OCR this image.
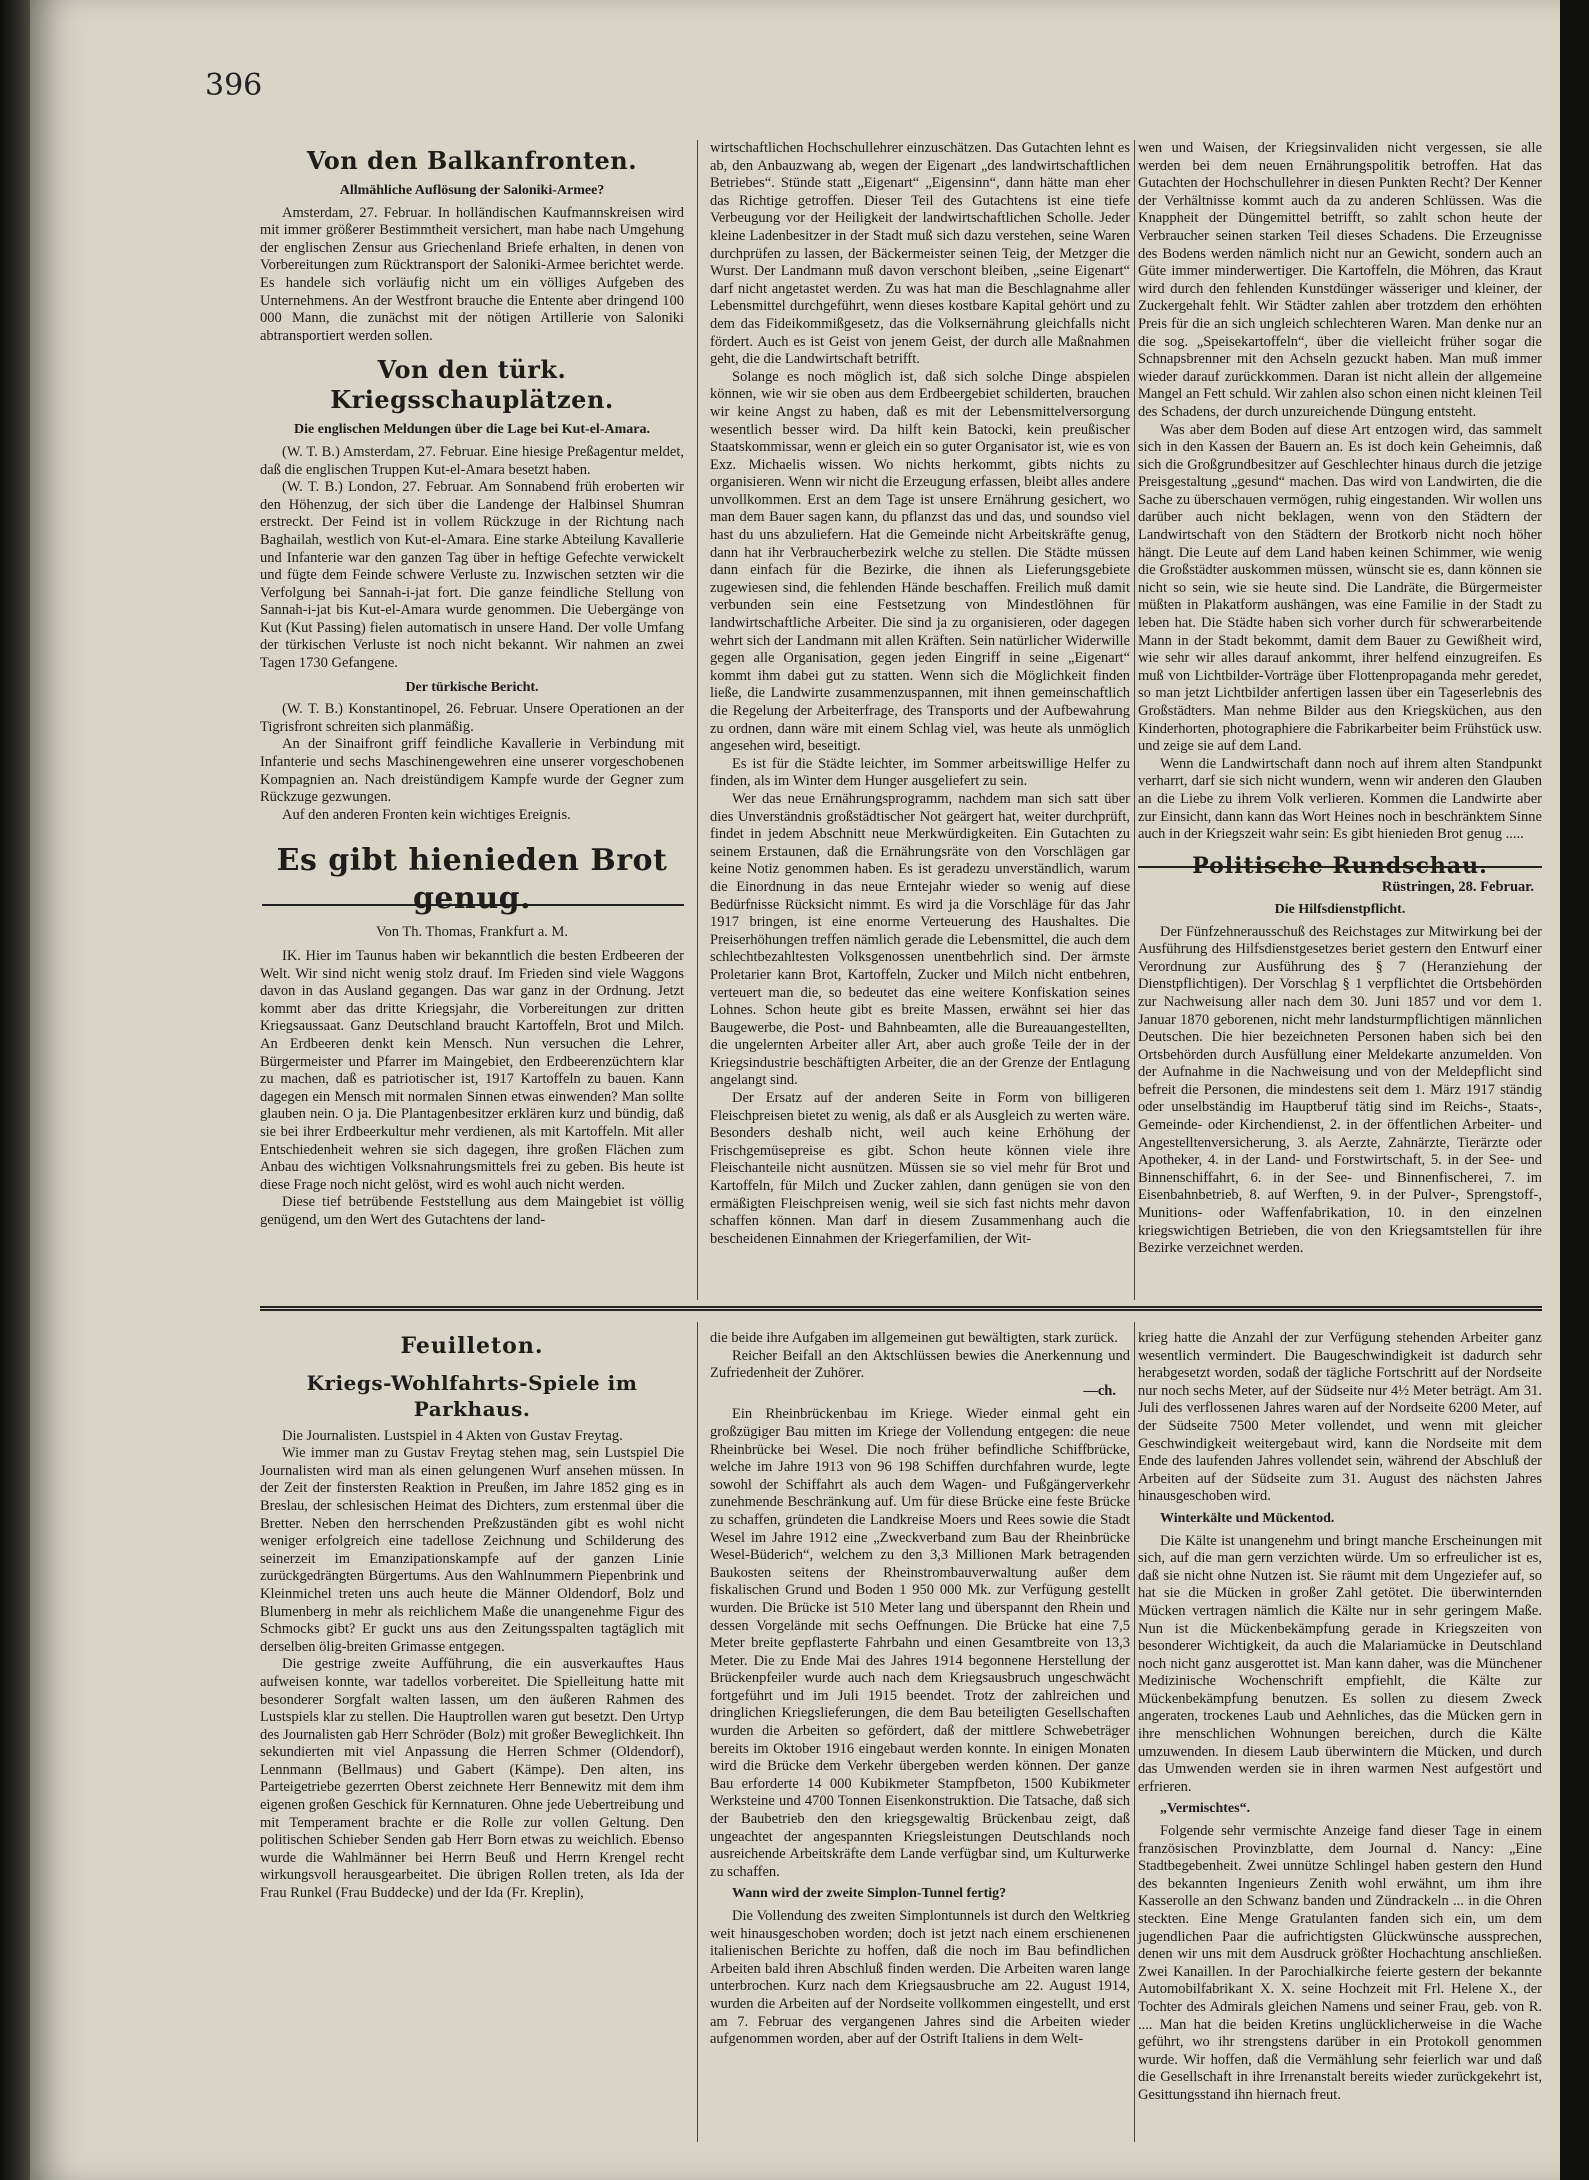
396
Von den Balkanfronten.
Allmähliche Auflösung der Saloniki-Armee?

Amsterdam, 27. Februar. In holländischen Kaufmannskreisen wird mit immer größerer Bestimmtheit versichert, man habe nach Umgehung der englischen Zensur aus Griechenland Briefe erhalten, in denen von Vorbereitungen zum Rücktransport der Saloniki-Armee berichtet werde. Es handele sich vorläufig nicht um ein völliges Aufgeben des Unternehmens. An der Westfront brauche die Entente aber dringend 100 000 Mann, die zunächst mit der nötigen Artillerie von Saloniki abtransportiert werden sollen.

Von den türk. Kriegsschauplätzen.
Die englischen Meldungen über die Lage bei Kut-el-Amara.

(W. T. B.) Amsterdam, 27. Februar. Eine hiesige Preßagentur meldet, daß die englischen Truppen Kut-el-Amara besetzt haben.

(W. T. B.) London, 27. Februar. Am Sonnabend früh eroberten wir den Höhenzug, der sich über die Landenge der Halbinsel Shumran erstreckt. Der Feind ist in vollem Rückzuge in der Richtung nach Baghailah, westlich von Kut-el-Amara. Eine starke Abteilung Kavallerie und Infanterie war den ganzen Tag über in heftige Gefechte verwickelt und fügte dem Feinde schwere Verluste zu. Inzwischen setzten wir die Verfolgung bei Sannah-i-jat fort. Die ganze feindliche Stellung von Sannah-i-jat bis Kut-el-Amara wurde genommen. Die Uebergänge von Kut (Kut Passing) fielen automatisch in unsere Hand. Der volle Umfang der türkischen Verluste ist noch nicht bekannt. Wir nahmen an zwei Tagen 1730 Gefangene.

Der türkische Bericht.

(W. T. B.) Konstantinopel, 26. Februar. Unsere Operationen an der Tigrisfront schreiten sich planmäßig.

An der Sinaifront griff feindliche Kavallerie in Verbindung mit Infanterie und sechs Maschinengewehren eine unserer vorgeschobenen Kompagnien an. Nach dreistündigem Kampfe wurde der Gegner zum Rückzuge gezwungen.

Auf den anderen Fronten kein wichtiges Ereignis.

Es gibt hienieden Brot genug.
Von Th. Thomas, Frankfurt a. M.

IK. Hier im Taunus haben wir bekanntlich die besten Erdbeeren der Welt. Wir sind nicht wenig stolz drauf. Im Frieden sind viele Waggons davon in das Ausland gegangen. Das war ganz in der Ordnung. Jetzt kommt aber das dritte Kriegsjahr, die Vorbereitungen zur dritten Kriegsaussaat. Ganz Deutschland braucht Kartoffeln, Brot und Milch. An Erdbeeren denkt kein Mensch. Nun versuchen die Lehrer, Bürgermeister und Pfarrer im Maingebiet, den Erdbeerenzüchtern klar zu machen, daß es patriotischer ist, 1917 Kartoffeln zu bauen. Kann dagegen ein Mensch mit normalen Sinnen etwas einwenden? Man sollte glauben nein. O ja. Die Plantagenbesitzer erklären kurz und bündig, daß sie bei ihrer Erdbeerkultur mehr verdienen, als mit Kartoffeln. Mit aller Entschiedenheit wehren sie sich dagegen, ihre großen Flächen zum Anbau des wichtigen Volksnahrungsmittels frei zu geben. Bis heute ist diese Frage noch nicht gelöst, wird es wohl auch nicht werden.

Diese tief betrübende Feststellung aus dem Maingebiet ist völlig genügend, um den Wert des Gutachtens der land-

wirtschaftlichen Hochschullehrer einzuschätzen. Das Gutachten lehnt es ab, den Anbauzwang ab, wegen der Eigenart „des landwirtschaftlichen Betriebes“. Stünde statt „Eigenart“ „Eigensinn“, dann hätte man eher das Richtige getroffen. Dieser Teil des Gutachtens ist eine tiefe Verbeugung vor der Heiligkeit der landwirtschaftlichen Scholle. Jeder kleine Ladenbesitzer in der Stadt muß sich dazu verstehen, seine Waren durchprüfen zu lassen, der Bäckermeister seinen Teig, der Metzger die Wurst. Der Landmann muß davon verschont bleiben, „seine Eigenart“ darf nicht angetastet werden. Zu was hat man die Beschlagnahme aller Lebensmittel durchgeführt, wenn dieses kostbare Kapital gehört und zu dem das Fideikommißgesetz, das die Volksernährung gleichfalls nicht fördert. Auch es ist Geist von jenem Geist, der durch alle Maßnahmen geht, die die Landwirtschaft betrifft.

Solange es noch möglich ist, daß sich solche Dinge abspielen können, wie wir sie oben aus dem Erdbeergebiet schilderten, brauchen wir keine Angst zu haben, daß es mit der Lebensmittelversorgung wesentlich besser wird. Da hilft kein Batocki, kein preußischer Staatskommissar, wenn er gleich ein so guter Organisator ist, wie es von Exz. Michaelis wissen. Wo nichts herkommt, gibts nichts zu organisieren. Wenn wir nicht die Erzeugung erfassen, bleibt alles andere unvollkommen. Erst an dem Tage ist unsere Ernährung gesichert, wo man dem Bauer sagen kann, du pflanzst das und das, und soundso viel hast du uns abzuliefern. Hat die Gemeinde nicht Arbeitskräfte genug, dann hat ihr Verbraucherbezirk welche zu stellen. Die Städte müssen dann einfach für die Bezirke, die ihnen als Lieferungsgebiete zugewiesen sind, die fehlenden Hände beschaffen. Freilich muß damit verbunden sein eine Festsetzung von Mindestlöhnen für landwirtschaftliche Arbeiter. Die sind ja zu organisieren, oder dagegen wehrt sich der Landmann mit allen Kräften. Sein natürlicher Widerwille gegen alle Organisation, gegen jeden Eingriff in seine „Eigenart“ kommt ihm dabei gut zu statten. Wenn sich die Möglichkeit finden ließe, die Landwirte zusammenzuspannen, mit ihnen gemeinschaftlich die Regelung der Arbeiterfrage, des Transports und der Aufbewahrung zu ordnen, dann wäre mit einem Schlag viel, was heute als unmöglich angesehen wird, beseitigt.

Es ist für die Städte leichter, im Sommer arbeitswillige Helfer zu finden, als im Winter dem Hunger ausgeliefert zu sein.

Wer das neue Ernährungsprogramm, nachdem man sich satt über dies Unverständnis großstädtischer Not geärgert hat, weiter durchprüft, findet in jedem Abschnitt neue Merkwürdigkeiten. Ein Gutachten zu seinem Erstaunen, daß die Ernährungsräte von den Vorschlägen gar keine Notiz genommen haben. Es ist geradezu unverständlich, warum die Einordnung in das neue Erntejahr wieder so wenig auf diese Bedürfnisse Rücksicht nimmt. Es wird ja die Vorschläge für das Jahr 1917 bringen, ist eine enorme Verteuerung des Haushaltes. Die Preiserhöhungen treffen nämlich gerade die Lebensmittel, die auch dem schlechtbezahltesten Volksgenossen unentbehrlich sind. Der ärmste Proletarier kann Brot, Kartoffeln, Zucker und Milch nicht entbehren, verteuert man die, so bedeutet das eine weitere Konfiskation seines Lohnes. Schon heute gibt es breite Massen, erwähnt sei hier das Baugewerbe, die Post- und Bahnbeamten, alle die Bureauangestellten, die ungelernten Arbeiter aller Art, aber auch große Teile der in der Kriegsindustrie beschäftigten Arbeiter, die an der Grenze der Entlagung angelangt sind.

Der Ersatz auf der anderen Seite in Form von billigeren Fleischpreisen bietet zu wenig, als daß er als Ausgleich zu werten wäre. Besonders deshalb nicht, weil auch keine Erhöhung der Frischgemüsepreise es gibt. Schon heute können viele ihre Fleischanteile nicht ausnützen. Müssen sie so viel mehr für Brot und Kartoffeln, für Milch und Zucker zahlen, dann genügen sie von den ermäßigten Fleischpreisen wenig, weil sie sich fast nichts mehr davon schaffen können. Man darf in diesem Zusammenhang auch die bescheidenen Einnahmen der Kriegerfamilien, der Wit-

wen und Waisen, der Kriegsinvaliden nicht vergessen, sie alle werden bei dem neuen Ernährungspolitik betroffen. Hat das Gutachten der Hochschullehrer in diesen Punkten Recht? Der Kenner der Verhältnisse kommt auch da zu anderen Schlüssen. Was die Knappheit der Düngemittel betrifft, so zahlt schon heute der Verbraucher seinen starken Teil dieses Schadens. Die Erzeugnisse des Bodens werden nämlich nicht nur an Gewicht, sondern auch an Güte immer minderwertiger. Die Kartoffeln, die Möhren, das Kraut wird durch den fehlenden Kunstdünger wässeriger und kleiner, der Zuckergehalt fehlt. Wir Städter zahlen aber trotzdem den erhöhten Preis für die an sich ungleich schlechteren Waren. Man denke nur an die sog. „Speisekartoffeln“, über die vielleicht früher sogar die Schnapsbrenner mit den Achseln gezuckt haben. Man muß immer wieder darauf zurückkommen. Daran ist nicht allein der allgemeine Mangel an Fett schuld. Wir zahlen also schon einen nicht kleinen Teil des Schadens, der durch unzureichende Düngung entsteht.

Was aber dem Boden auf diese Art entzogen wird, das sammelt sich in den Kassen der Bauern an. Es ist doch kein Geheimnis, daß sich die Großgrundbesitzer auf Geschlechter hinaus durch die jetzige Preisgestaltung „gesund“ machen. Das wird von Landwirten, die die Sache zu überschauen vermögen, ruhig eingestanden. Wir wollen uns darüber auch nicht beklagen, wenn von den Städtern der Landwirtschaft von den Städtern der Brotkorb nicht noch höher hängt. Die Leute auf dem Land haben keinen Schimmer, wie wenig die Großstädter auskommen müssen, wünscht sie es, dann können sie nicht so sein, wie sie heute sind. Die Landräte, die Bürgermeister müßten in Plakatform aushängen, was eine Familie in der Stadt zu leben hat. Die Städte haben sich vorher durch für schwerarbeitende Mann in der Stadt bekommt, damit dem Bauer zu Gewißheit wird, wie sehr wir alles darauf ankommt, ihrer helfend einzugreifen. Es muß von Lichtbilder-Vorträge über Flottenpropaganda mehr geredet, so man jetzt Lichtbilder anfertigen lassen über ein Tageserlebnis des Großstädters. Man nehme Bilder aus den Kriegsküchen, aus den Kinderhorten, photographiere die Fabrikarbeiter beim Frühstück usw. und zeige sie auf dem Land.

Wenn die Landwirtschaft dann noch auf ihrem alten Standpunkt verharrt, darf sie sich nicht wundern, wenn wir anderen den Glauben an die Liebe zu ihrem Volk verlieren. Kommen die Landwirte aber zur Einsicht, dann kann das Wort Heines noch in beschränktem Sinne auch in der Kriegszeit wahr sein: Es gibt hienieden Brot genug .....

Politische Rundschau.
Rüstringen, 28. Februar.
Die Hilfsdienstpflicht.

Der Fünfzehnerausschuß des Reichstages zur Mitwirkung bei der Ausführung des Hilfsdienstgesetzes beriet gestern den Entwurf einer Verordnung zur Ausführung des § 7 (Heranziehung der Dienstpflichtigen). Der Vorschlag § 1 verpflichtet die Ortsbehörden zur Nachweisung aller nach dem 30. Juni 1857 und vor dem 1. Januar 1870 geborenen, nicht mehr landsturmpflichtigen männlichen Deutschen. Die hier bezeichneten Personen haben sich bei den Ortsbehörden durch Ausfüllung einer Meldekarte anzumelden. Von der Aufnahme in die Nachweisung und von der Meldepflicht sind befreit die Personen, die mindestens seit dem 1. März 1917 ständig oder unselbständig im Hauptberuf tätig sind im Reichs-, Staats-, Gemeinde- oder Kirchendienst, 2. in der öffentlichen Arbeiter- und Angestelltenversicherung, 3. als Aerzte, Zahnärzte, Tierärzte oder Apotheker, 4. in der Land- und Forstwirtschaft, 5. in der See- und Binnenschiffahrt, 6. in der See- und Binnenfischerei, 7. im Eisenbahnbetrieb, 8. auf Werften, 9. in der Pulver-, Sprengstoff-, Munitions- oder Waffenfabrikation, 10. in den einzelnen kriegswichtigen Betrieben, die von den Kriegsamtstellen für ihre Bezirke verzeichnet werden.

Feuilleton.
Kriegs-Wohlfahrts-Spiele im Parkhaus.

Die Journalisten. Lustspiel in 4 Akten von Gustav Freytag.

Wie immer man zu Gustav Freytag stehen mag, sein Lustspiel Die Journalisten wird man als einen gelungenen Wurf ansehen müssen. In der Zeit der finstersten Reaktion in Preußen, im Jahre 1852 ging es in Breslau, der schlesischen Heimat des Dichters, zum erstenmal über die Bretter. Neben den herrschenden Preßzuständen gibt es wohl nicht weniger erfolgreich eine tadellose Zeichnung und Schilderung des seinerzeit im Emanzipationskampfe auf der ganzen Linie zurückgedrängten Bürgertums. Aus den Wahlnummern Piepenbrink und Kleinmichel treten uns auch heute die Männer Oldendorf, Bolz und Blumenberg in mehr als reichlichem Maße die unangenehme Figur des Schmocks gibt? Er guckt uns aus den Zeitungsspalten tagtäglich mit derselben ölig-breiten Grimasse entgegen.

Die gestrige zweite Aufführung, die ein ausverkauftes Haus aufweisen konnte, war tadellos vorbereitet. Die Spielleitung hatte mit besonderer Sorgfalt walten lassen, um den äußeren Rahmen des Lustspiels klar zu stellen. Die Hauptrollen waren gut besetzt. Den Urtyp des Journalisten gab Herr Schröder (Bolz) mit großer Beweglichkeit. Ihn sekundierten mit viel Anpassung die Herren Schmer (Oldendorf), Lennmann (Bellmaus) und Gabert (Kämpe). Den alten, ins Parteigetriebe gezerrten Oberst zeichnete Herr Bennewitz mit dem ihm eigenen großen Geschick für Kernnaturen. Ohne jede Uebertreibung und mit Temperament brachte er die Rolle zur vollen Geltung. Den politischen Schieber Senden gab Herr Born etwas zu weichlich. Ebenso wurde die Wahlmänner bei Herrn Beuß und Herrn Krengel recht wirkungsvoll herausgearbeitet. Die übrigen Rollen treten, als Ida der Frau Runkel (Frau Buddecke) und der Ida (Fr. Kreplin),

die beide ihre Aufgaben im allgemeinen gut bewältigten, stark zurück.

Reicher Beifall an den Aktschlüssen bewies die Anerkennung und Zufriedenheit der Zuhörer.

—ch.

Ein Rheinbrückenbau im Kriege. Wieder einmal geht ein großzügiger Bau mitten im Kriege der Vollendung entgegen: die neue Rheinbrücke bei Wesel. Die noch früher befindliche Schiffbrücke, welche im Jahre 1913 von 96 198 Schiffen durchfahren wurde, legte sowohl der Schiffahrt als auch dem Wagen- und Fußgängerverkehr zunehmende Beschränkung auf. Um für diese Brücke eine feste Brücke zu schaffen, gründeten die Landkreise Moers und Rees sowie die Stadt Wesel im Jahre 1912 eine „Zweckverband zum Bau der Rheinbrücke Wesel-Büderich“, welchem zu den 3,3 Millionen Mark betragenden Baukosten seitens der Rheinstrombauverwaltung außer dem fiskalischen Grund und Boden 1 950 000 Mk. zur Verfügung gestellt wurden. Die Brücke ist 510 Meter lang und überspannt den Rhein und dessen Vorgelände mit sechs Oeffnungen. Die Brücke hat eine 7,5 Meter breite gepflasterte Fahrbahn und einen Gesamtbreite von 13,3 Meter. Die zu Ende Mai des Jahres 1914 begonnene Herstellung der Brückenpfeiler wurde auch nach dem Kriegsausbruch ungeschwächt fortgeführt und im Juli 1915 beendet. Trotz der zahlreichen und dringlichen Kriegslieferungen, die dem Bau beteiligten Gesellschaften wurden die Arbeiten so gefördert, daß der mittlere Schwebeträger bereits im Oktober 1916 eingebaut werden konnte. In einigen Monaten wird die Brücke dem Verkehr übergeben werden können. Der ganze Bau erforderte 14 000 Kubikmeter Stampfbeton, 1500 Kubikmeter Werksteine und 4700 Tonnen Eisenkonstruktion. Die Tatsache, daß sich der Baubetrieb den den kriegsgewaltig Brückenbau zeigt, daß ungeachtet der angespannten Kriegsleistungen Deutschlands noch ausreichende Arbeitskräfte dem Lande verfügbar sind, um Kulturwerke zu schaffen.

Wann wird der zweite Simplon-Tunnel fertig?

Die Vollendung des zweiten Simplontunnels ist durch den Weltkrieg weit hinausgeschoben worden; doch ist jetzt nach einem erschienenen italienischen Berichte zu hoffen, daß die noch im Bau befindlichen Arbeiten bald ihren Abschluß finden werden. Die Arbeiten waren lange unterbrochen. Kurz nach dem Kriegsausbruche am 22. August 1914, wurden die Arbeiten auf der Nordseite vollkommen eingestellt, und erst am 7. Februar des vergangenen Jahres sind die Arbeiten wieder aufgenommen worden, aber auf der Ostrift Italiens in dem Welt-

krieg hatte die Anzahl der zur Verfügung stehenden Arbeiter ganz wesentlich vermindert. Die Baugeschwindigkeit ist dadurch sehr herabgesetzt worden, sodaß der tägliche Fortschritt auf der Nordseite nur noch sechs Meter, auf der Südseite nur 4½ Meter beträgt. Am 31. Juli des verflossenen Jahres waren auf der Nordseite 6200 Meter, auf der Südseite 7500 Meter vollendet, und wenn mit gleicher Geschwindigkeit weitergebaut wird, kann die Nordseite mit dem Ende des laufenden Jahres vollendet sein, während der Abschluß der Arbeiten auf der Südseite zum 31. August des nächsten Jahres hinausgeschoben wird.

Winterkälte und Mückentod.

Die Kälte ist unangenehm und bringt manche Erscheinungen mit sich, auf die man gern verzichten würde. Um so erfreulicher ist es, daß sie nicht ohne Nutzen ist. Sie räumt mit dem Ungeziefer auf, so hat sie die Mücken in großer Zahl getötet. Die überwinternden Mücken vertragen nämlich die Kälte nur in sehr geringem Maße. Nun ist die Mückenbekämpfung gerade in Kriegszeiten von besonderer Wichtigkeit, da auch die Malariamücke in Deutschland noch nicht ganz ausgerottet ist. Man kann daher, was die Münchener Medizinische Wochenschrift empfiehlt, die Kälte zur Mückenbekämpfung benutzen. Es sollen zu diesem Zweck angeraten, trockenes Laub und Aehnliches, das die Mücken gern in ihre menschlichen Wohnungen bereichen, durch die Kälte umzuwenden. In diesem Laub überwintern die Mücken, und durch das Umwenden werden sie in ihren warmen Nest aufgestört und erfrieren.

„Vermischtes“.

Folgende sehr vermischte Anzeige fand dieser Tage in einem französischen Provinzblatte, dem Journal d. Nancy: „Eine Stadtbegebenheit. Zwei unnütze Schlingel haben gestern den Hund des bekannten Ingenieurs Zenith wohl erwähnt, um ihm ihre Kasserolle an den Schwanz banden und Zündrackeln ... in die Ohren steckten. Eine Menge Gratulanten fanden sich ein, um dem jugendlichen Paar die aufrichtigsten Glückwünsche aussprechen, denen wir uns mit dem Ausdruck größter Hochachtung anschließen. Zwei Kanaillen. In der Parochialkirche feierte gestern der bekannte Automobilfabrikant X. X. seine Hochzeit mit Frl. Helene X., der Tochter des Admirals gleichen Namens und seiner Frau, geb. von R. .... Man hat die beiden Kretins unglücklicherweise in die Wache geführt, wo ihr strengstens darüber in ein Protokoll genommen wurde. Wir hoffen, daß die Vermählung sehr feierlich war und daß die Gesellschaft in ihre Irrenanstalt bereits wieder zurückgekehrt ist, Gesittungsstand ihn hiernach freut.
